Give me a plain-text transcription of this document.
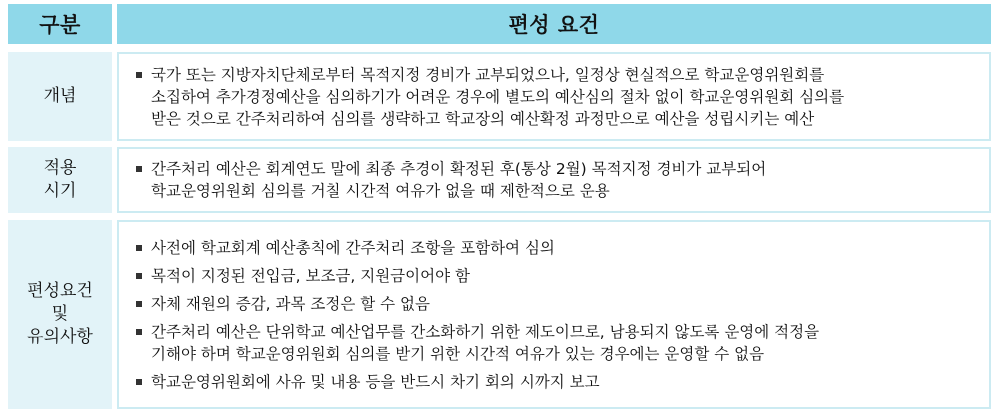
구분	편성 요건
개념
국가 또는 지방자치단체로부터 목적지정 경비가 교부되었으나, 일정상 현실적으로 학교운영위원회를
소집하여 추가경정예산을 심의하기가 어려운 경우에 별도의 예산심의 절차 없이 학교운영위원회 심의를
받은 것으로 간주처리하여 심의를 생략하고 학교장의 예산확정 과정만으로 예산을 성립시키는 예산
적용
시기
간주처리 예산은 회계연도 말에 최종 추경이 확정된 후(통상 2월) 목적지정 경비가 교부되어
학교운영위원회 심의를 거칠 시간적 여유가 없을 때 제한적으로 운용
편성요건
및
유의사항
사전에 학교회계 예산총칙에 간주처리 조항을 포함하여 심의
목적이 지정된 전입금, 보조금, 지원금이어야 함
자체 재원의 증감, 과목 조정은 할 수 없음
간주처리 예산은 단위학교 예산업무를 간소화하기 위한 제도이므로, 남용되지 않도록 운영에 적정을
기해야 하며 학교운영위원회 심의를 받기 위한 시간적 여유가 있는 경우에는 운영할 수 없음
학교운영위원회에 사유 및 내용 등을 반드시 차기 회의 시까지 보고
